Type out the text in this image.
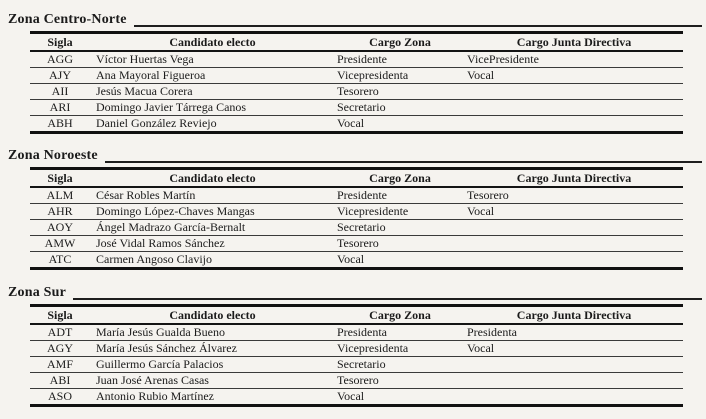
Zona Centro-Norte
Sigla	Candidato electo	Cargo Zona	Cargo Junta Directiva
AGG	Víctor Huertas Vega	Presidente	VicePresidente
AJY	Ana Mayoral Figueroa	Vicepresidenta	Vocal
AII	Jesús Macua Corera	Tesorero
ARI	Domingo Javier Tárrega Canos	Secretario
ABH	Daniel González Reviejo	Vocal
Zona Noroeste
Sigla	Candidato electo	Cargo Zona	Cargo Junta Directiva
ALM	César Robles Martín	Presidente	Tesorero
AHR	Domingo López-Chaves Mangas	Vicepresidente	Vocal
AOY	Ángel Madrazo García-Bernalt	Secretario
AMW	José Vidal Ramos Sánchez	Tesorero
ATC	Carmen Angoso Clavijo	Vocal
Zona Sur
Sigla	Candidato electo	Cargo Zona	Cargo Junta Directiva
ADT	María Jesús Gualda Bueno	Presidenta	Presidenta
AGY	María Jesús Sánchez Álvarez	Vicepresidenta	Vocal
AMF	Guillermo García Palacios	Secretario
ABI	Juan José Arenas Casas	Tesorero
ASO	Antonio Rubio Martínez	Vocal
